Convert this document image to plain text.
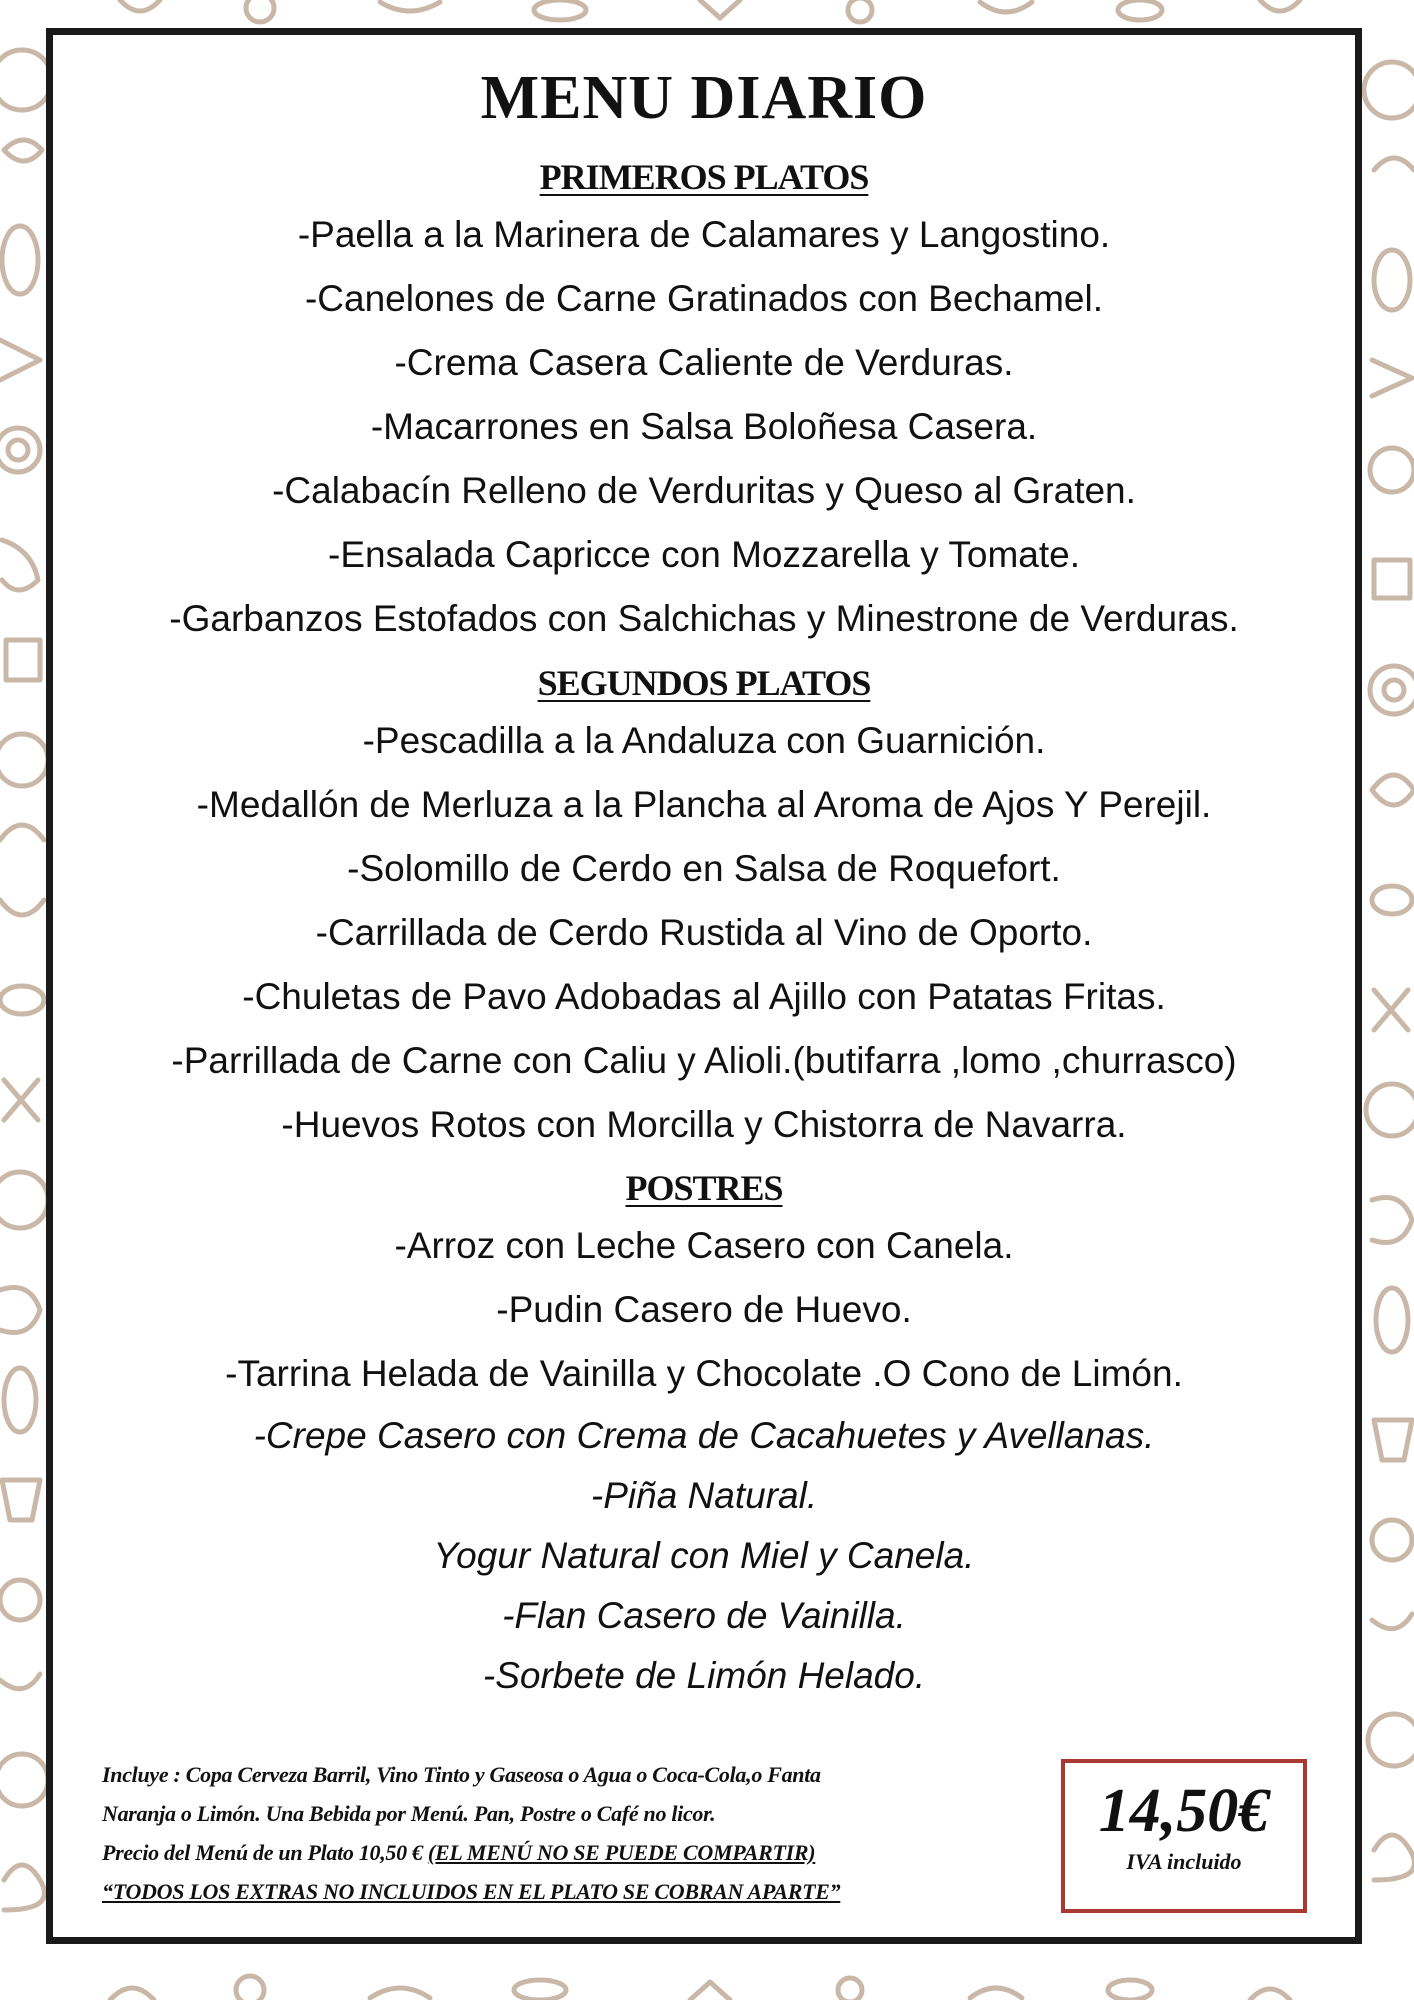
MENU DIARIO
PRIMEROS PLATOS
-Paella a la Marinera de Calamares y Langostino.
-Canelones de Carne Gratinados con Bechamel.
-Crema Casera Caliente de Verduras.
-Macarrones en Salsa Boloñesa Casera.
-Calabacín Relleno de Verduritas y Queso al Graten.
-Ensalada Capricce con Mozzarella y Tomate.
-Garbanzos Estofados con Salchichas y Minestrone de Verduras.
SEGUNDOS PLATOS
-Pescadilla a la Andaluza con Guarnición.
-Medallón de Merluza a la Plancha al Aroma de Ajos Y Perejil.
-Solomillo de Cerdo en Salsa de Roquefort.
-Carrillada de Cerdo Rustida al Vino de Oporto.
-Chuletas de Pavo Adobadas al Ajillo con Patatas Fritas.
-Parrillada de Carne con Caliu y Alioli.(butifarra ,lomo ,churrasco)
-Huevos Rotos con Morcilla y Chistorra de Navarra.
POSTRES
-Arroz con Leche Casero con Canela.
-Pudin Casero de Huevo.
-Tarrina Helada de Vainilla y Chocolate .O Cono de Limón.
-Crepe Casero con Crema de Cacahuetes y Avellanas.
-Piña Natural.
Yogur Natural con Miel y Canela.
-Flan Casero de Vainilla.
-Sorbete de Limón Helado.
Incluye : Copa Cerveza Barril, Vino Tinto y Gaseosa o Agua o Coca-Cola,o Fanta
Naranja o Limón. Una Bebida por Menú. Pan, Postre o Café no licor.
Precio del Menú de un Plato 10,50 € (EL MENÚ NO SE PUEDE COMPARTIR)
“TODOS LOS EXTRAS NO INCLUIDOS EN EL PLATO SE COBRAN APARTE”
14,50€
IVA incluido
